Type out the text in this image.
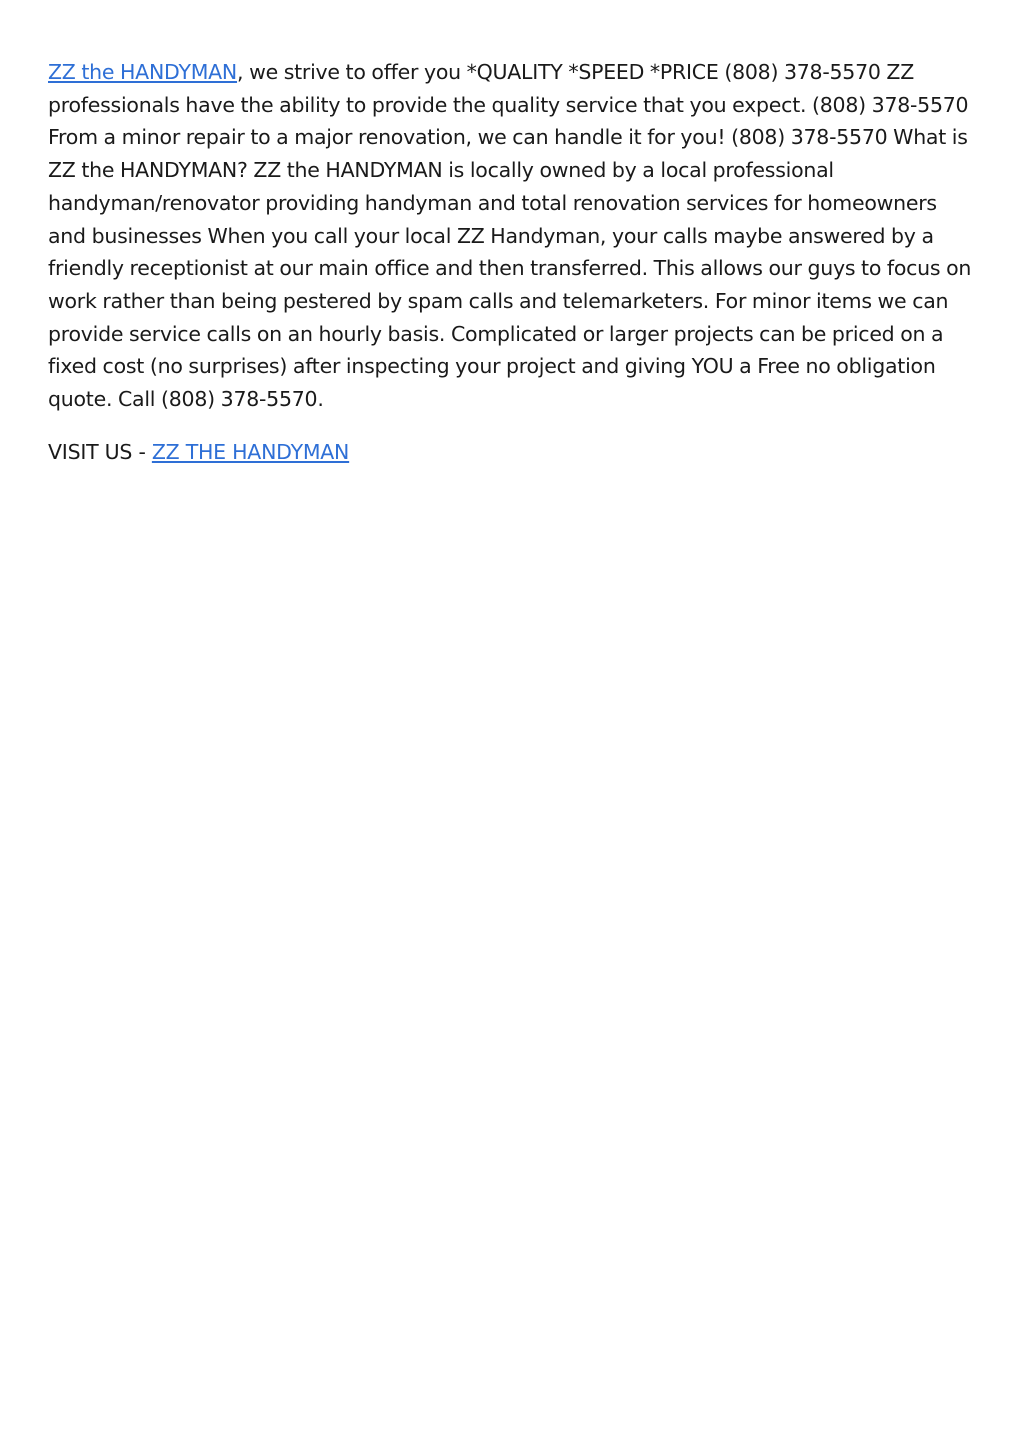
ZZ the HANDYMAN, we strive to offer you *QUALITY *SPEED *PRICE (808) 378-5570 ZZ professionals have the ability to provide the quality service that you expect. (808) 378-5570 From a minor repair to a major renovation, we can handle it for you! (808) 378-5570 What is ZZ the HANDYMAN? ZZ the HANDYMAN is locally owned by a local professional handyman/renovator providing handyman and total renovation services for homeowners and businesses When you call your local ZZ Handyman, your calls maybe answered by a friendly receptionist at our main office and then transferred. This allows our guys to focus on work rather than being pestered by spam calls and telemarketers. For minor items we can provide service calls on an hourly basis. Complicated or larger projects can be priced on a fixed cost (no surprises) after inspecting your project and giving YOU a Free no obligation quote. Call (808) 378-5570.

VISIT US - ZZ THE HANDYMAN
